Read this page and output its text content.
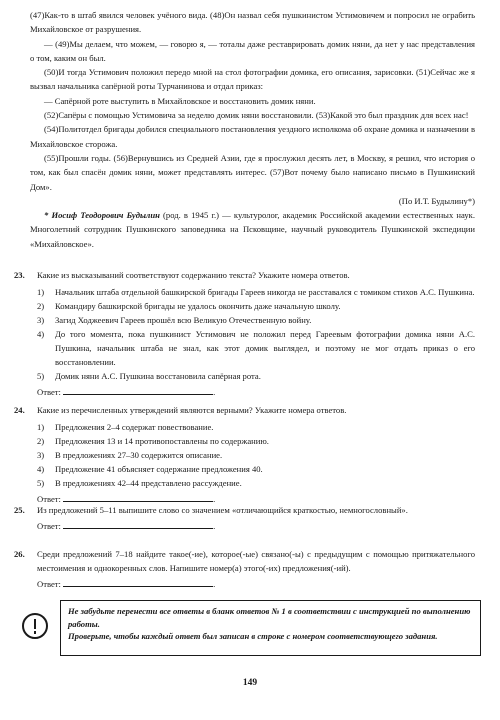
(47)Как-то в штаб явился человек учёного вида. (48)Он назвал себя пушкинистом Устимовичем и попросил не ограбить Михайловское от разрушения.

— (49)Мы делаем, что можем, — говорю я, — тоталы даже реставрировать домик няни, да нет у нас представления о том, каким он был.

(50)И тогда Устимович положил передо мной на стол фотографии домика, его описания, зарисовки. (51)Сейчас же я вызвал начальника сапёрной роты Турчанинова и отдал приказ:

— Сапёрной роте выступить в Михайловское и восстановить домик няни.

(52)Сапёры с помощью Устимовича за неделю домик няни восстановили. (53)Какой это был праздник для всех нас!

(54)Политотдел бригады добился специального постановления уездного исполкома об охране домика и назначении в Михайловское сторожа.

(55)Прошли годы. (56)Вернувшись из Средней Азии, где я прослужил десять лет, в Москву, я решил, что история о том, как был спасён домик няни, может представлять интерес. (57)Вот почему было написано письмо в Пушкинский Дом».

(По И.Т. Будылину*)

* Иосиф Теодорович Будылин (род. в 1945 г.) — культуролог, академик Российской академии естественных наук. Многолетний сотрудник Пушкинского заповедника на Псковщине, научный руководитель Пушкинской экспедиции «Михайловское».

23. Какие из высказываний соответствуют содержанию текста? Укажите номера ответов.
1) Начальник штаба отдельной башкирской бригады Гареев никогда не расставался с томиком стихов А.С. Пушкина.
2) Командиру башкирской бригады не удалось окончить даже начальную школу.
3) Загид Ходжеевич Гареев прошёл всю Великую Отечественную войну.
4) До того момента, пока пушкинист Устимович не положил перед Гареевым фотографии домика няни А.С. Пушкина, начальник штаба не знал, как этот домик выглядел, и поэтому не мог отдать приказ о его восстановлении.
5) Домик няни А.С. Пушкина восстановила сапёрная рота.
Ответ:	.
24. Какие из перечисленных утверждений являются верными? Укажите номера ответов.
1) Предложения 2–4 содержат повествование.
2) Предложения 13 и 14 противопоставлены по содержанию.
3) В предложениях 27–30 содержится описание.
4) Предложение 41 объясняет содержание предложения 40.
5) В предложениях 42–44 представлено рассуждение.
Ответ:	.
25. Из предложений 5–11 выпишите слово со значением «отличающийся краткостью, немногословный».
Ответ:	.
26. Среди предложений 7–18 найдите такое(-ие), которое(-ые) связано(-ы) с предыдущим с помощью притяжательного местоимения и однокоренных слов. Напишите номер(а) этого(-их) предложения(-ий).
Ответ:	.

Не забудьте перенести все ответы в бланк ответов № 1 в соответствии с инструкцией по выполнению работы.

Проверьте, чтобы каждый ответ был записан в строке с номером соответствующего задания.

149
